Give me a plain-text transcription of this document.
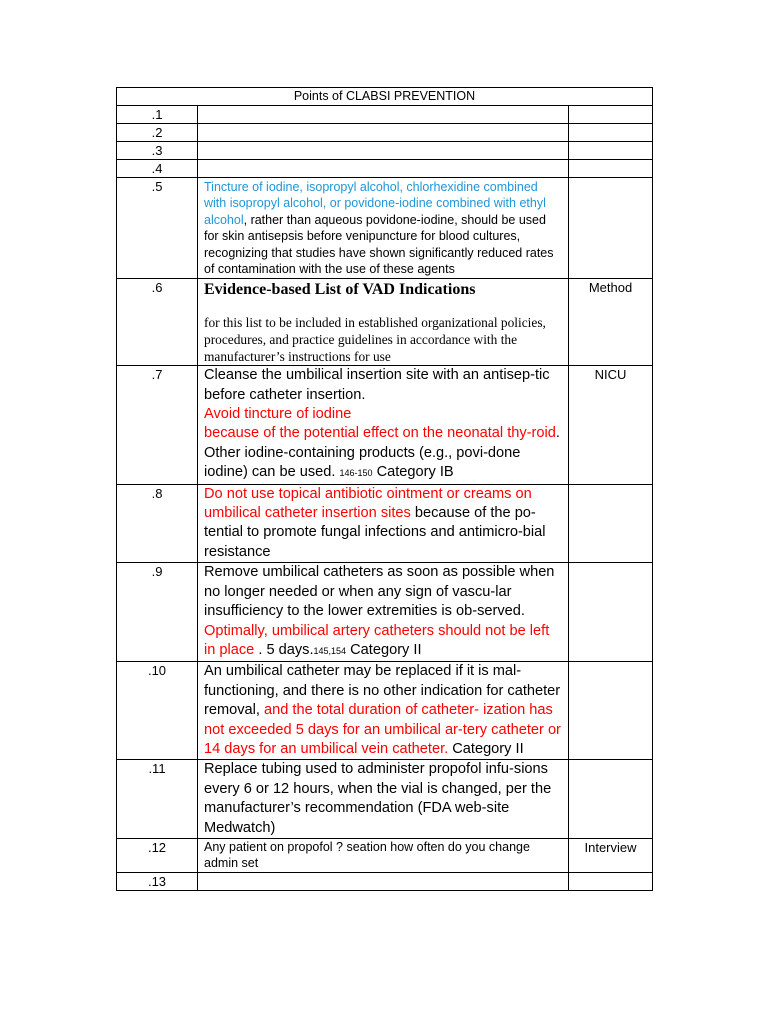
Points of CLABSI PREVENTION		
.1		
.2		
.3		
.4		
.5	Tincture of iodine, isopropyl alcohol, chlorhexidine combined with isopropyl alcohol, or povidone-iodine combined with ethyl alcohol, rather than aqueous povidone-iodine, should be used for skin antisepsis before venipuncture for blood cultures, recognizing that studies have shown significantly reduced rates of contamination with the use of these agents	
.6	Evidence-based List of VAD Indications
for this list to be included in established organizational policies, procedures, and practice guidelines in accordance with the manufacturer’s instructions for use	Method
.7	Cleanse the umbilical insertion site with an antisep-tic before catheter insertion.
Avoid tincture of iodine
because of the potential effect on the neonatal thy-roid.
Other iodine-containing products (e.g., povi-done iodine) can be used. 146-150 Category IB	NICU
.8	Do not use topical antibiotic ointment or creams on umbilical catheter insertion sites because of the po-tential to promote fungal infections and antimicro-bial resistance	
.9	Remove umbilical catheters as soon as possible when no longer needed or when any sign of vascu-lar insufficiency to the lower extremities is ob-served. Optimally, umbilical artery catheters should not be left in place . 5 days.145,154 Category II	
.10	An umbilical catheter may be replaced if it is mal-functioning, and there is no other indication for catheter removal, and the total duration of catheter- ization has not exceeded 5 days for an umbilical ar-tery catheter or 14 days for an umbilical vein catheter. Category II	
.11	Replace tubing used to administer propofol infu-sions every 6 or 12 hours, when the vial is changed, per the manufacturer’s recommendation (FDA web-site Medwatch)	
.12	Any patient on propofol ? seation how often do you change admin set	Interview
.13		
